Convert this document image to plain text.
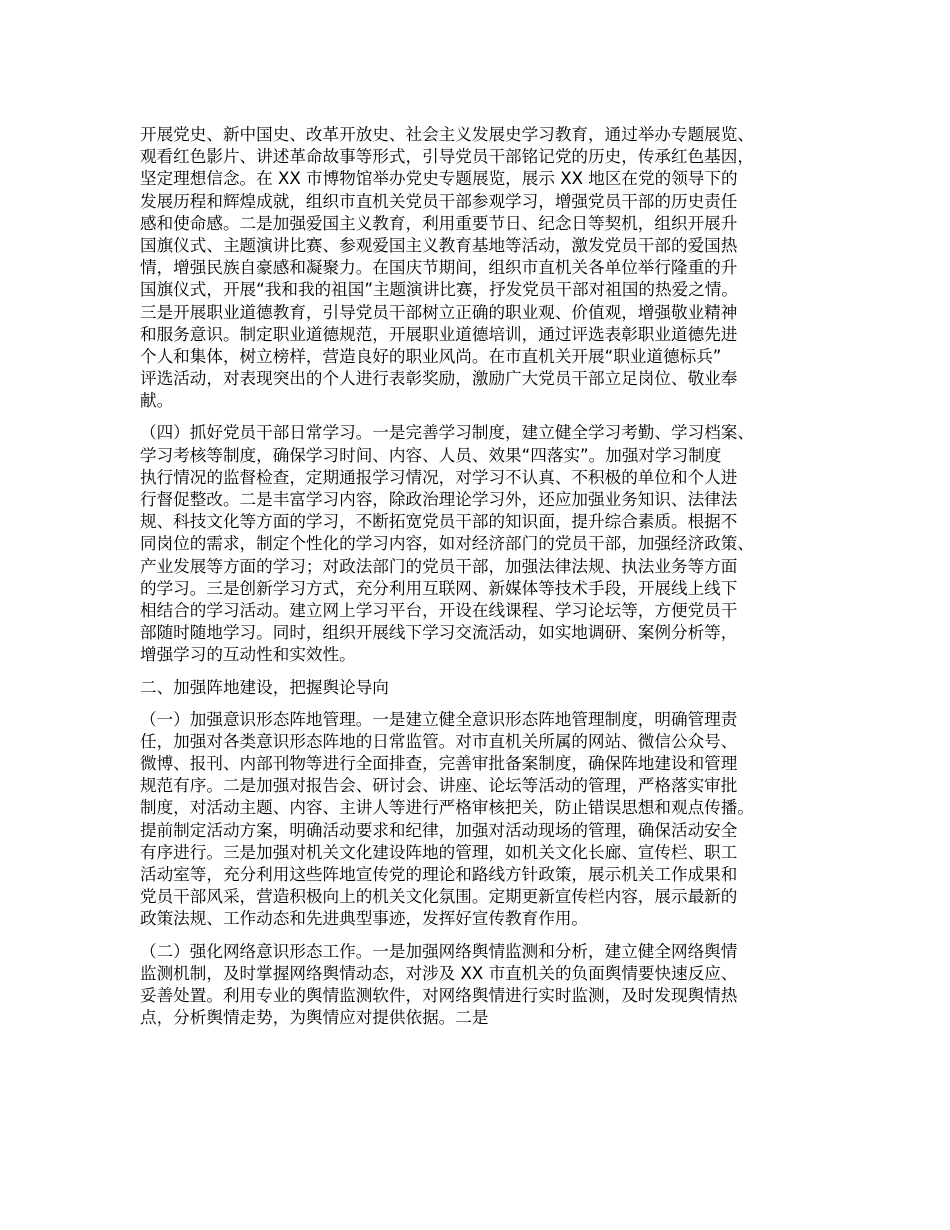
开展党史、新中国史、改革开放史、社会主义发展史学习教育，通过举办专题展览、
观看红色影片、讲述革命故事等形式，引导党员干部铭记党的历史，传承红色基因，
坚定理想信念。在 XX 市博物馆举办党史专题展览，展示 XX 地区在党的领导下的
发展历程和辉煌成就，组织市直机关党员干部参观学习，增强党员干部的历史责任
感和使命感。二是加强爱国主义教育，利用重要节日、纪念日等契机，组织开展升
国旗仪式、主题演讲比赛、参观爱国主义教育基地等活动，激发党员干部的爱国热
情，增强民族自豪感和凝聚力。在国庆节期间，组织市直机关各单位举行隆重的升
国旗仪式，开展“我和我的祖国”主题演讲比赛，抒发党员干部对祖国的热爱之情。
三是开展职业道德教育，引导党员干部树立正确的职业观、价值观，增强敬业精神
和服务意识。制定职业道德规范，开展职业道德培训，通过评选表彰职业道德先进
个人和集体，树立榜样，营造良好的职业风尚。在市直机关开展“职业道德标兵”
评选活动，对表现突出的个人进行表彰奖励，激励广大党员干部立足岗位、敬业奉
献。
（四）抓好党员干部日常学习。一是完善学习制度，建立健全学习考勤、学习档案、
学习考核等制度，确保学习时间、内容、人员、效果“四落实”。加强对学习制度
执行情况的监督检查，定期通报学习情况，对学习不认真、不积极的单位和个人进
行督促整改。二是丰富学习内容，除政治理论学习外，还应加强业务知识、法律法
规、科技文化等方面的学习，不断拓宽党员干部的知识面，提升综合素质。根据不
同岗位的需求，制定个性化的学习内容，如对经济部门的党员干部，加强经济政策、
产业发展等方面的学习；对政法部门的党员干部，加强法律法规、执法业务等方面
的学习。三是创新学习方式，充分利用互联网、新媒体等技术手段，开展线上线下
相结合的学习活动。建立网上学习平台，开设在线课程、学习论坛等，方便党员干
部随时随地学习。同时，组织开展线下学习交流活动，如实地调研、案例分析等，
增强学习的互动性和实效性。
二、加强阵地建设，把握舆论导向
（一）加强意识形态阵地管理。一是建立健全意识形态阵地管理制度，明确管理责
任，加强对各类意识形态阵地的日常监管。对市直机关所属的网站、微信公众号、
微博、报刊、内部刊物等进行全面排查，完善审批备案制度，确保阵地建设和管理
规范有序。二是加强对报告会、研讨会、讲座、论坛等活动的管理，严格落实审批
制度，对活动主题、内容、主讲人等进行严格审核把关，防止错误思想和观点传播。
提前制定活动方案，明确活动要求和纪律，加强对活动现场的管理，确保活动安全
有序进行。三是加强对机关文化建设阵地的管理，如机关文化长廊、宣传栏、职工
活动室等，充分利用这些阵地宣传党的理论和路线方针政策，展示机关工作成果和
党员干部风采，营造积极向上的机关文化氛围。定期更新宣传栏内容，展示最新的
政策法规、工作动态和先进典型事迹，发挥好宣传教育作用。
（二）强化网络意识形态工作。一是加强网络舆情监测和分析，建立健全网络舆情
监测机制，及时掌握网络舆情动态，对涉及 XX 市直机关的负面舆情要快速反应、
妥善处置。利用专业的舆情监测软件，对网络舆情进行实时监测，及时发现舆情热
点，分析舆情走势，为舆情应对提供依据。二是
